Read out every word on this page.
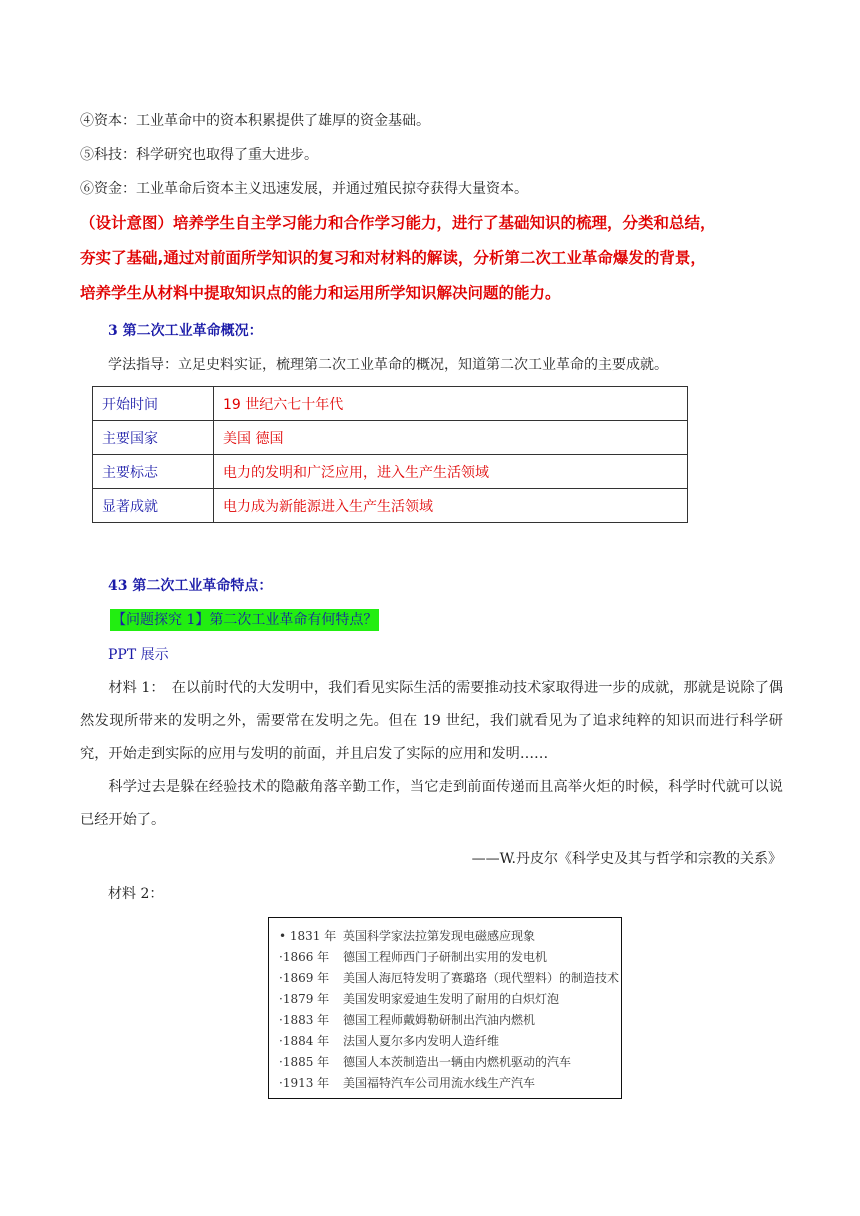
④资本：工业革命中的资本积累提供了雄厚的资金基础。
⑤科技：科学研究也取得了重大进步。
⑥资金：工业革命后资本主义迅速发展，并通过殖民掠夺获得大量资本。
（设计意图）培养学生自主学习能力和合作学习能力，进行了基础知识的梳理，分类和总结，
夯实了基础,通过对前面所学知识的复习和对材料的解读，分析第二次工业革命爆发的背景，
培养学生从材料中提取知识点的能力和运用所学知识解决问题的能力。
3 第二次工业革命概况：
学法指导：立足史料实证，梳理第二次工业革命的概况，知道第二次工业革命的主要成就。
开始时间	19 世纪六七十年代
主要国家	美国 德国
主要标志	电力的发明和广泛应用，进入生产生活领域
显著成就	电力成为新能源进入生产生活领域
43 第二次工业革命特点：
【问题探究 1】第二次工业革命有何特点？
PPT 展示
材料 1：　在以前时代的大发明中，我们看见实际生活的需要推动技术家取得进一步的成就，那就是说除了偶然发现所带来的发明之外，需要常在发明之先。但在 19 世纪，我们就看见为了追求纯粹的知识而进行科学研究，开始走到实际的应用与发明的前面，并且启发了实际的应用和发明……
科学过去是躲在经验技术的隐蔽角落辛勤工作，当它走到前面传递而且高举火炬的时候，科学时代就可以说已经开始了。
——W.丹皮尔《科学史及其与哲学和宗教的关系》
材料 2：
• 1831 年 英国科学家法拉第发现电磁感应现象
·1866 年 德国工程师西门子研制出实用的发电机
·1869 年 美国人海厄特发明了赛璐珞（现代塑料）的制造技术
·1879 年 美国发明家爱迪生发明了耐用的白炽灯泡
·1883 年 德国工程师戴姆勒研制出汽油内燃机
·1884 年 法国人夏尔多内发明人造纤维
·1885 年 德国人本茨制造出一辆由内燃机驱动的汽车
·1913 年 美国福特汽车公司用流水线生产汽车
